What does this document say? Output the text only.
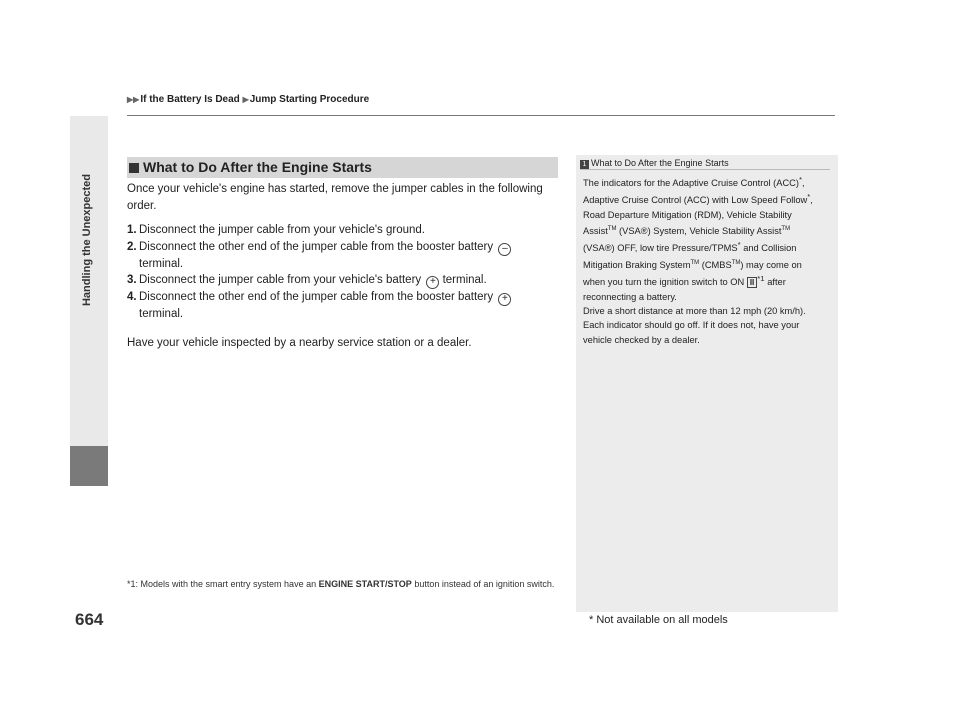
▶▶If the Battery Is Dead ▶Jump Starting Procedure
Handling the Unexpected
664
What to Do After the Engine Starts

Once your vehicle's engine has started, remove the jumper cables in the following order.

1. Disconnect the jumper cable from your vehicle's ground.
2. Disconnect the other end of the jumper cable from the booster battery –
terminal.
3. Disconnect the jumper cable from your vehicle's battery + terminal.
4. Disconnect the other end of the jumper cable from the booster battery +
terminal.

Have your vehicle inspected by a nearby service station or a dealer.

*1: Models with the smart entry system have an ENGINE START/STOP button instead of an ignition switch.
1 What to Do After the Engine Starts

The indicators for the Adaptive Cruise Control (ACC)*, Adaptive Cruise Control (ACC) with Low Speed Follow*, Road Departure Mitigation (RDM), Vehicle Stability Assist™ (VSA®) System, Vehicle Stability Assist™ (VSA®) OFF, low tire Pressure/TPMS* and Collision Mitigation Braking System™ (CMBS™) may come on when you turn the ignition switch to ON II $^{*1}$ after reconnecting a battery.

Drive a short distance at more than 12 mph (20 km/h). Each indicator should go off. If it does not, have your vehicle checked by a dealer.

* Not available on all models
